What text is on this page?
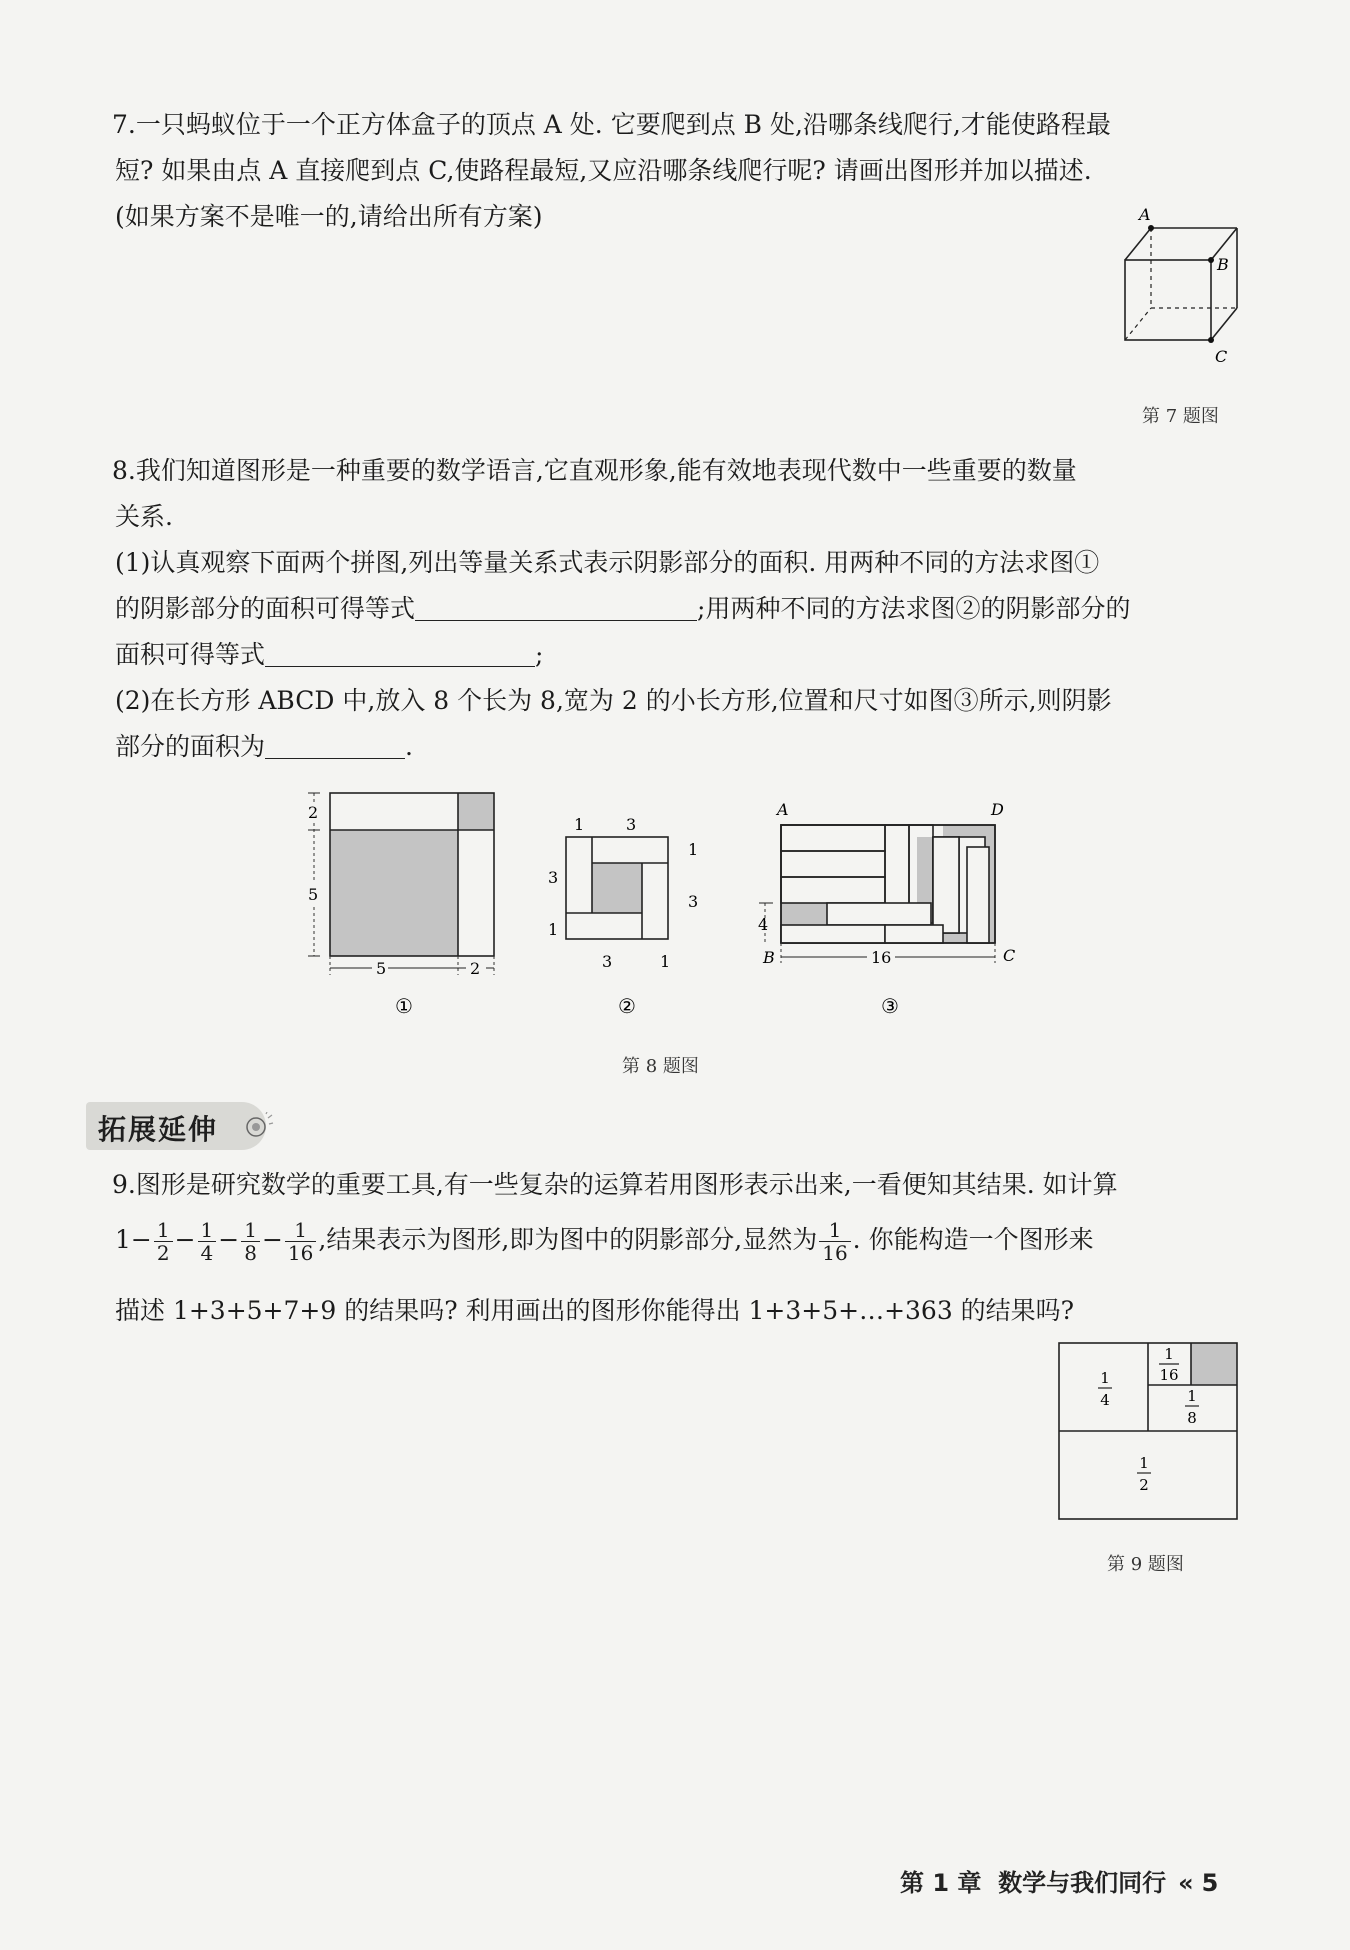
7.一只蚂蚁位于一个正方体盒子的顶点 A 处. 它要爬到点 B 处,沿哪条线爬行,才能使路程最
短? 如果由点 A 直接爬到点 C,使路程最短,又应沿哪条线爬行呢? 请画出图形并加以描述.
(如果方案不是唯一的,请给出所有方案)	A
B
C
第 7 题图
8.我们知道图形是一种重要的数学语言,它直观形象,能有效地表现代数中一些重要的数量
关系.
(1)认真观察下面两个拼图,列出等量关系式表示阴影部分的面积. 用两种不同的方法求图①
的阴影部分的面积可得等式	;用两种不同的方法求图②的阴影部分的
面积可得等式	;
(2)在长方形 ABCD 中,放入 8 个长为 8,宽为 2 的小长方形,位置和尺寸如图③所示,则阴影
部分的面积为	.
2
5
5	2
①
1	3
1
3
3
1
3	1
②
A	D
B	C
4
16
③
第 8 题图
拓展延伸
9.图形是研究数学的重要工具,有一些复杂的运算若用图形表示出来,一看便知其结果. 如计算
$1- \frac{1}{2} - \frac{1}{4} - \frac{1}{8} - \frac{1}{16}$ ,结果表示为图形,即为图中的阴影部分,显然为 $\frac{1}{16}$ . 你能构造一个图形来
描述 1+3+5+7+9 的结果吗? 利用画出的图形你能得出 1+3+5+…+363 的结果吗?
1
4
1
16
1
8
1
2
第 9 题图
第 1 章 数学与我们同行 « 5
